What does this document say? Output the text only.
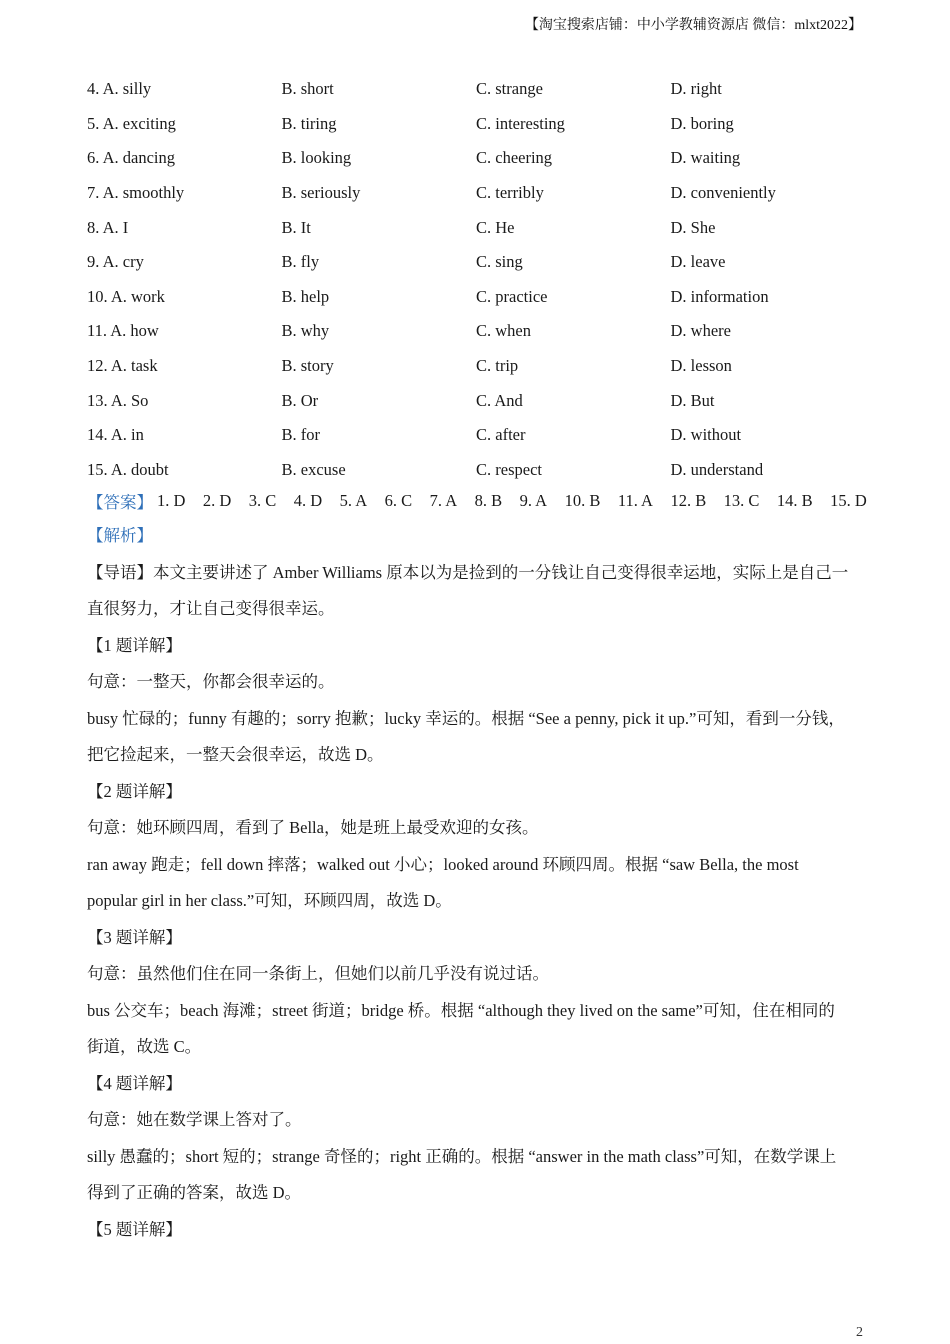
【淘宝搜索店铺：中小学教辅资源店 微信：mlxt2022】
4. A. silly	B. short	C. strange	D. right
5. A. exciting	B. tiring	C. interesting	D. boring
6. A. dancing	B. looking	C. cheering	D. waiting
7. A. smoothly	B. seriously	C. terribly	D. conveniently
8. A. I	B. It	C. He	D. She
9. A. cry	B. fly	C. sing	D. leave
10. A. work	B. help	C. practice	D. information
11. A. how	B. why	C. when	D. where
12. A. task	B. story	C. trip	D. lesson
13. A. So	B. Or	C. And	D. But
14. A. in	B. for	C. after	D. without
15. A. doubt	B. excuse	C. respect	D. understand
【答案】 1. D 2. D 3. C 4. D 5. A 6. C 7. A 8. B 9. A 10. B 11. A 12. B 13. C 14. B 15. D
【解析】
【导语】本文主要讲述了 Amber Williams 原本以为是捡到的一分钱让自己变得很幸运地，实际上是自己一
直很努力，才让自己变得很幸运。
【1 题详解】
句意：一整天，你都会很幸运的。
busy 忙碌的；funny 有趣的；sorry 抱歉；lucky 幸运的。根据 “See a penny, pick it up.”可知，看到一分钱，
把它捡起来，一整天会很幸运，故选 D。
【2 题详解】
句意：她环顾四周，看到了 Bella，她是班上最受欢迎的女孩。
ran away 跑走；fell down 摔落；walked out 小心；looked around 环顾四周。根据 “saw Bella, the most
popular girl in her class.”可知，环顾四周，故选 D。
【3 题详解】
句意：虽然他们住在同一条街上，但她们以前几乎没有说过话。
bus 公交车；beach 海滩；street 街道；bridge 桥。根据 “although they lived on the same”可知，住在相同的
街道，故选 C。
【4 题详解】
句意：她在数学课上答对了。
silly 愚蠢的；short 短的；strange 奇怪的；right 正确的。根据 “answer in the math class”可知，在数学课上
得到了正确的答案，故选 D。
【5 题详解】
2
